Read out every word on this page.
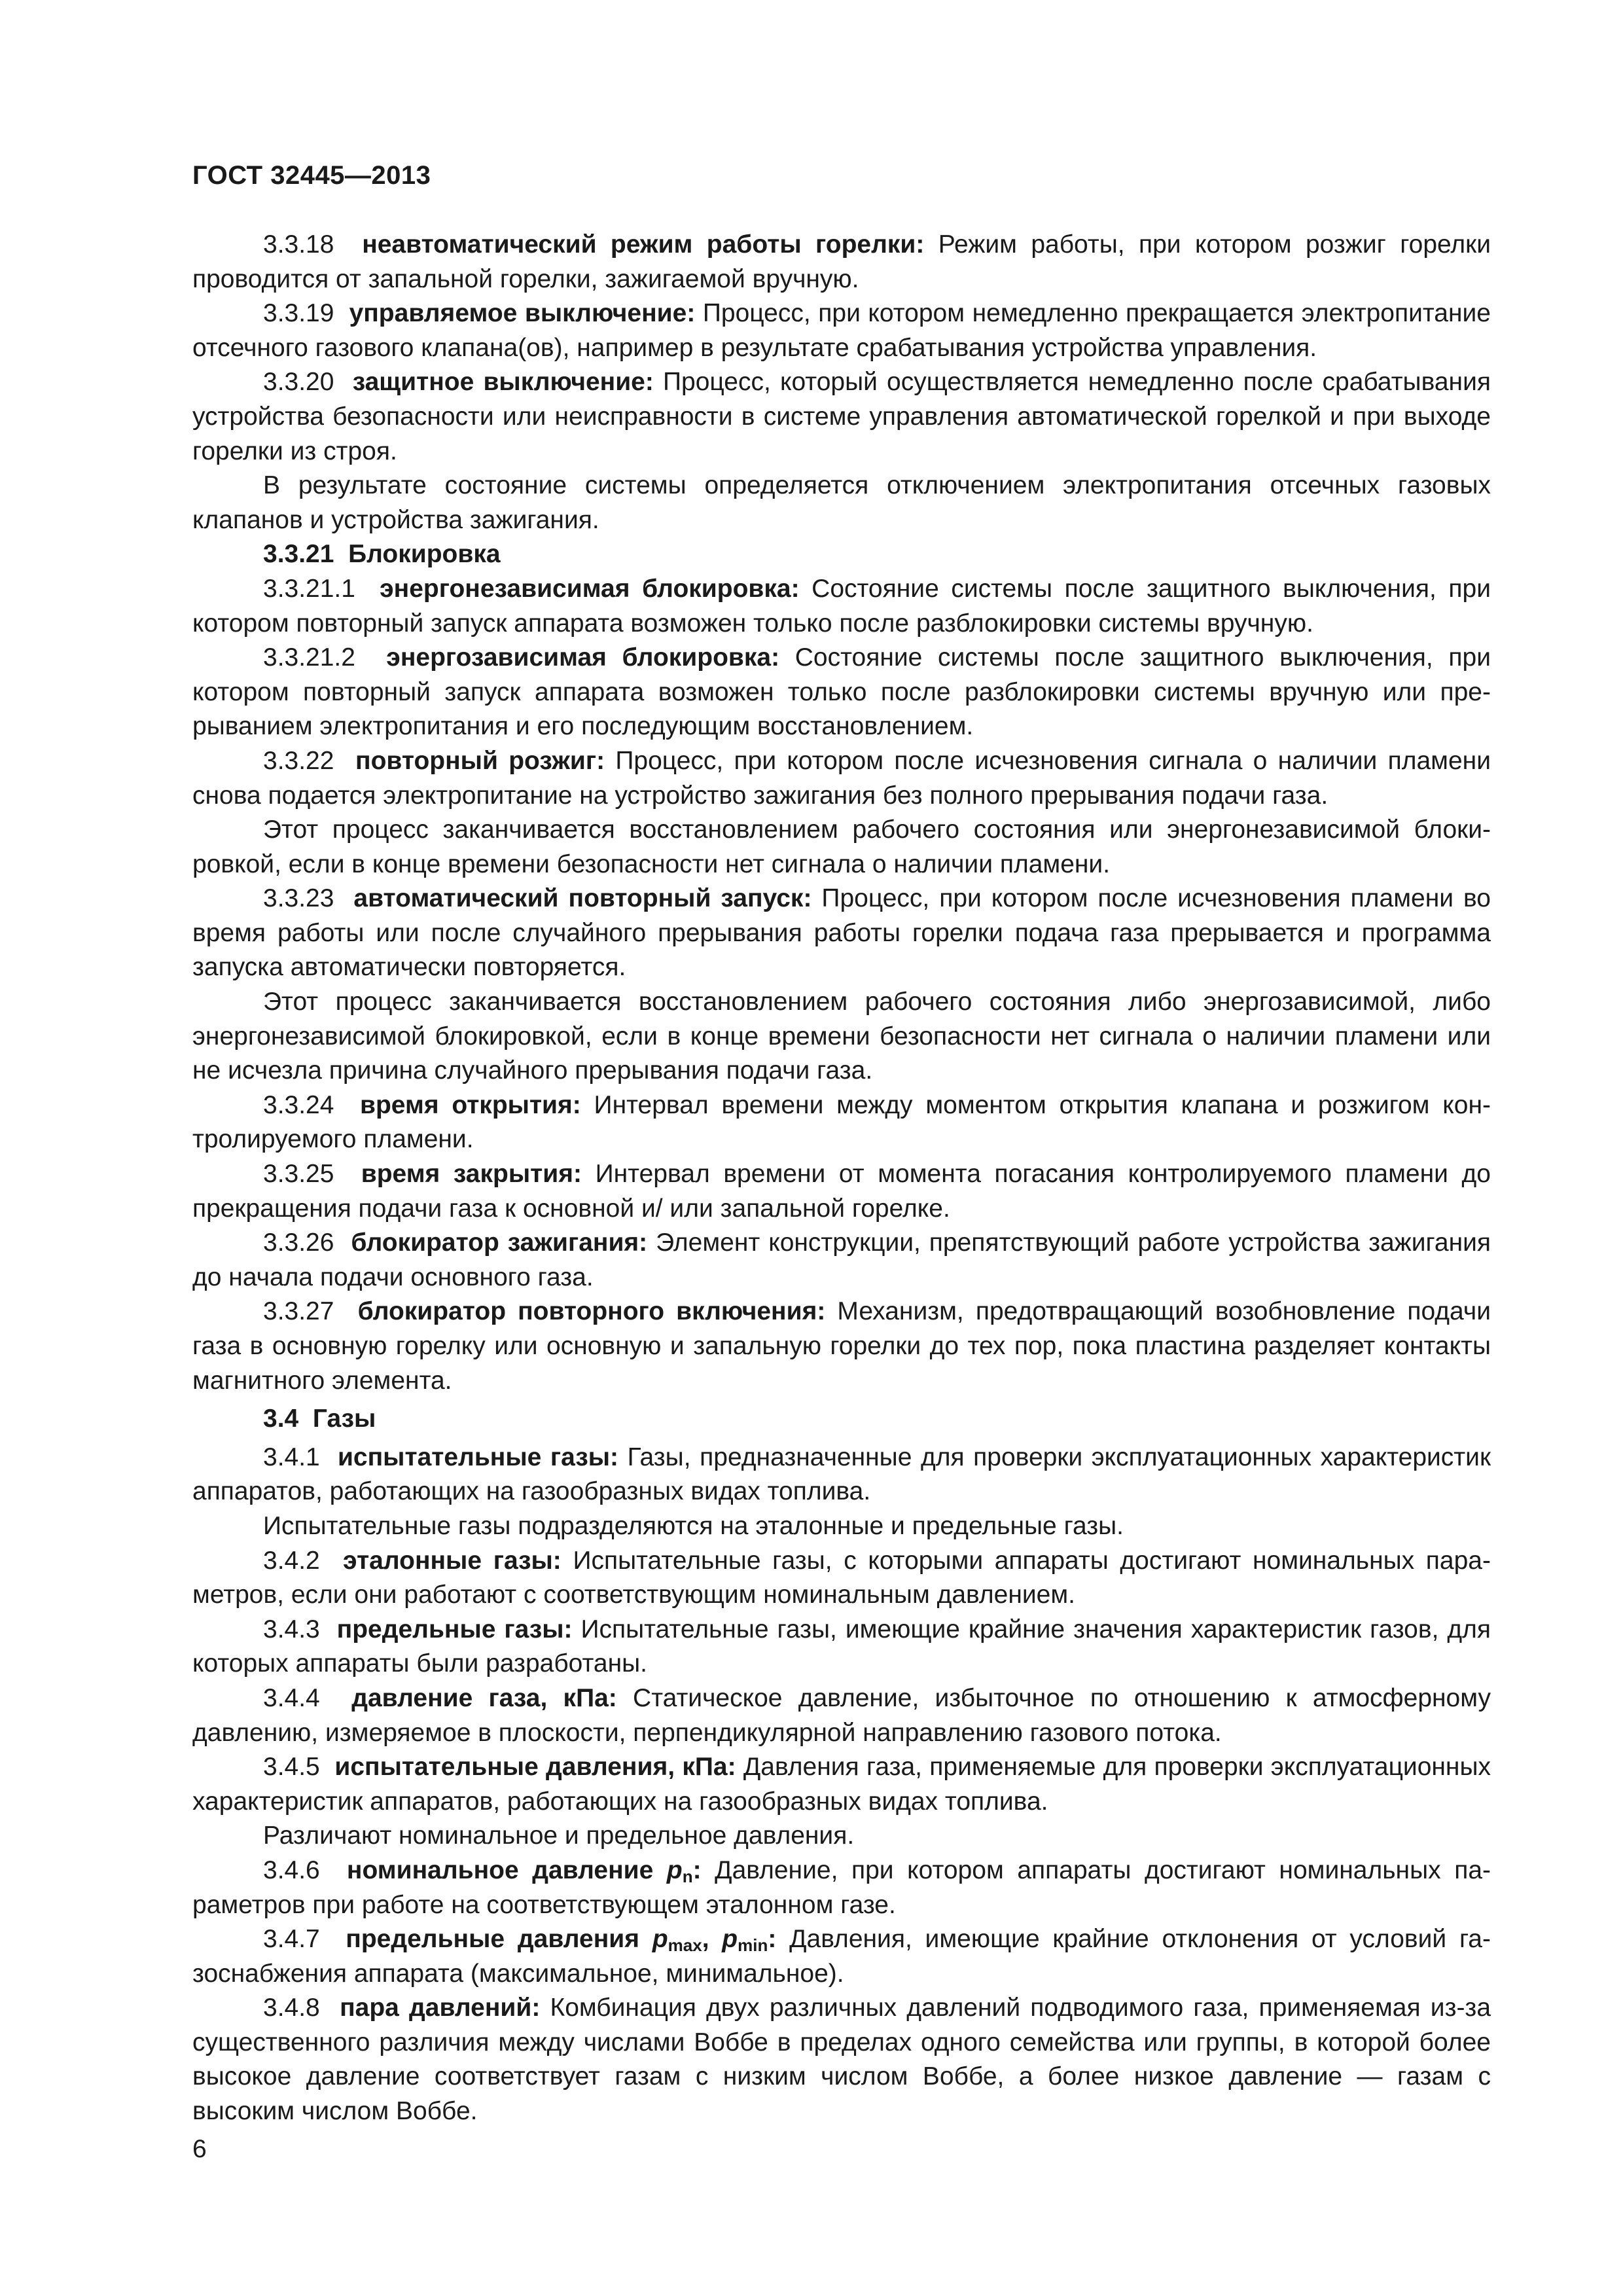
ГОСТ 32445—2013

3.3.18 неавтоматический режим работы горелки: Режим работы, при котором розжиг горелки проводится от запальной горелки, зажигаемой вручную.

3.3.19 управляемое выключение: Процесс, при котором немедленно прекращается электропитание отсечного газового клапана(ов), например в результате срабатывания устройства управления.

3.3.20 защитное выключение: Процесс, который осуществляется немедленно после срабатывания устройства безопасности или неисправности в системе управления автоматической горелкой и при выходе горелки из строя.

В результате состояние системы определяется отключением электропитания отсечных газовых клапанов и устройства зажигания.

3.3.21 Блокировка

3.3.21.1 энергонезависимая блокировка: Состояние системы после защитного выключения, при котором повторный запуск аппарата возможен только после разблокировки системы вручную.

3.3.21.2 энергозависимая блокировка: Состояние системы после защитного выключения, при котором повторный запуск аппарата возможен только после разблокировки системы вручную или прерыванием электропитания и его последующим восстановлением.

3.3.22 повторный розжиг: Процесс, при котором после исчезновения сигнала о наличии пламени снова подается электропитание на устройство зажигания без полного прерывания подачи газа.

Этот процесс заканчивается восстановлением рабочего состояния или энергонезависимой блокировкой, если в конце времени безопасности нет сигнала о наличии пламени.

3.3.23 автоматический повторный запуск: Процесс, при котором после исчезновения пламени во время работы или после случайного прерывания работы горелки подача газа прерывается и программа запуска автоматически повторяется.

Этот процесс заканчивается восстановлением рабочего состояния либо энергозависимой, либо энергонезависимой блокировкой, если в конце времени безопасности нет сигнала о наличии пламени или не исчезла причина случайного прерывания подачи газа.

3.3.24 время открытия: Интервал времени между моментом открытия клапана и розжигом контролируемого пламени.

3.3.25 время закрытия: Интервал времени от момента погасания контролируемого пламени до прекращения подачи газа к основной и/ или запальной горелке.

3.3.26 блокиратор зажигания: Элемент конструкции, препятствующий работе устройства зажигания до начала подачи основного газа.

3.3.27 блокиратор повторного включения: Механизм, предотвращающий возобновление подачи газа в основную горелку или основную и запальную горелки до тех пор, пока пластина разделяет контакты магнитного элемента.

3.4 Газы

3.4.1 испытательные газы: Газы, предназначенные для проверки эксплуатационных характеристик аппаратов, работающих на газообразных видах топлива.

Испытательные газы подразделяются на эталонные и предельные газы.

3.4.2 эталонные газы: Испытательные газы, с которыми аппараты достигают номинальных параметров, если они работают с соответствующим номинальным давлением.

3.4.3 предельные газы: Испытательные газы, имеющие крайние значения характеристик газов, для которых аппараты были разработаны.

3.4.4 давление газа, кПа: Статическое давление, избыточное по отношению к атмосферному давлению, измеряемое в плоскости, перпендикулярной направлению газового потока.

3.4.5 испытательные давления, кПа: Давления газа, применяемые для проверки эксплуатационных характеристик аппаратов, работающих на газообразных видах топлива.

Различают номинальное и предельное давления.

3.4.6 номинальное давление $p_n$: Давление, при котором аппараты достигают номинальных параметров при работе на соответствующем эталонном газе.

3.4.7 предельные давления $p_{max}$, $p_{min}$: Давления, имеющие крайние отклонения от условий газоснабжения аппарата (максимальное, минимальное).

3.4.8 пара давлений: Комбинация двух различных давлений подводимого газа, применяемая из-за существенного различия между числами Воббе в пределах одного семейства или группы, в которой более высокое давление соответствует газам с низким числом Воббе, а более низкое давление — газам с высоким числом Воббе.

6
